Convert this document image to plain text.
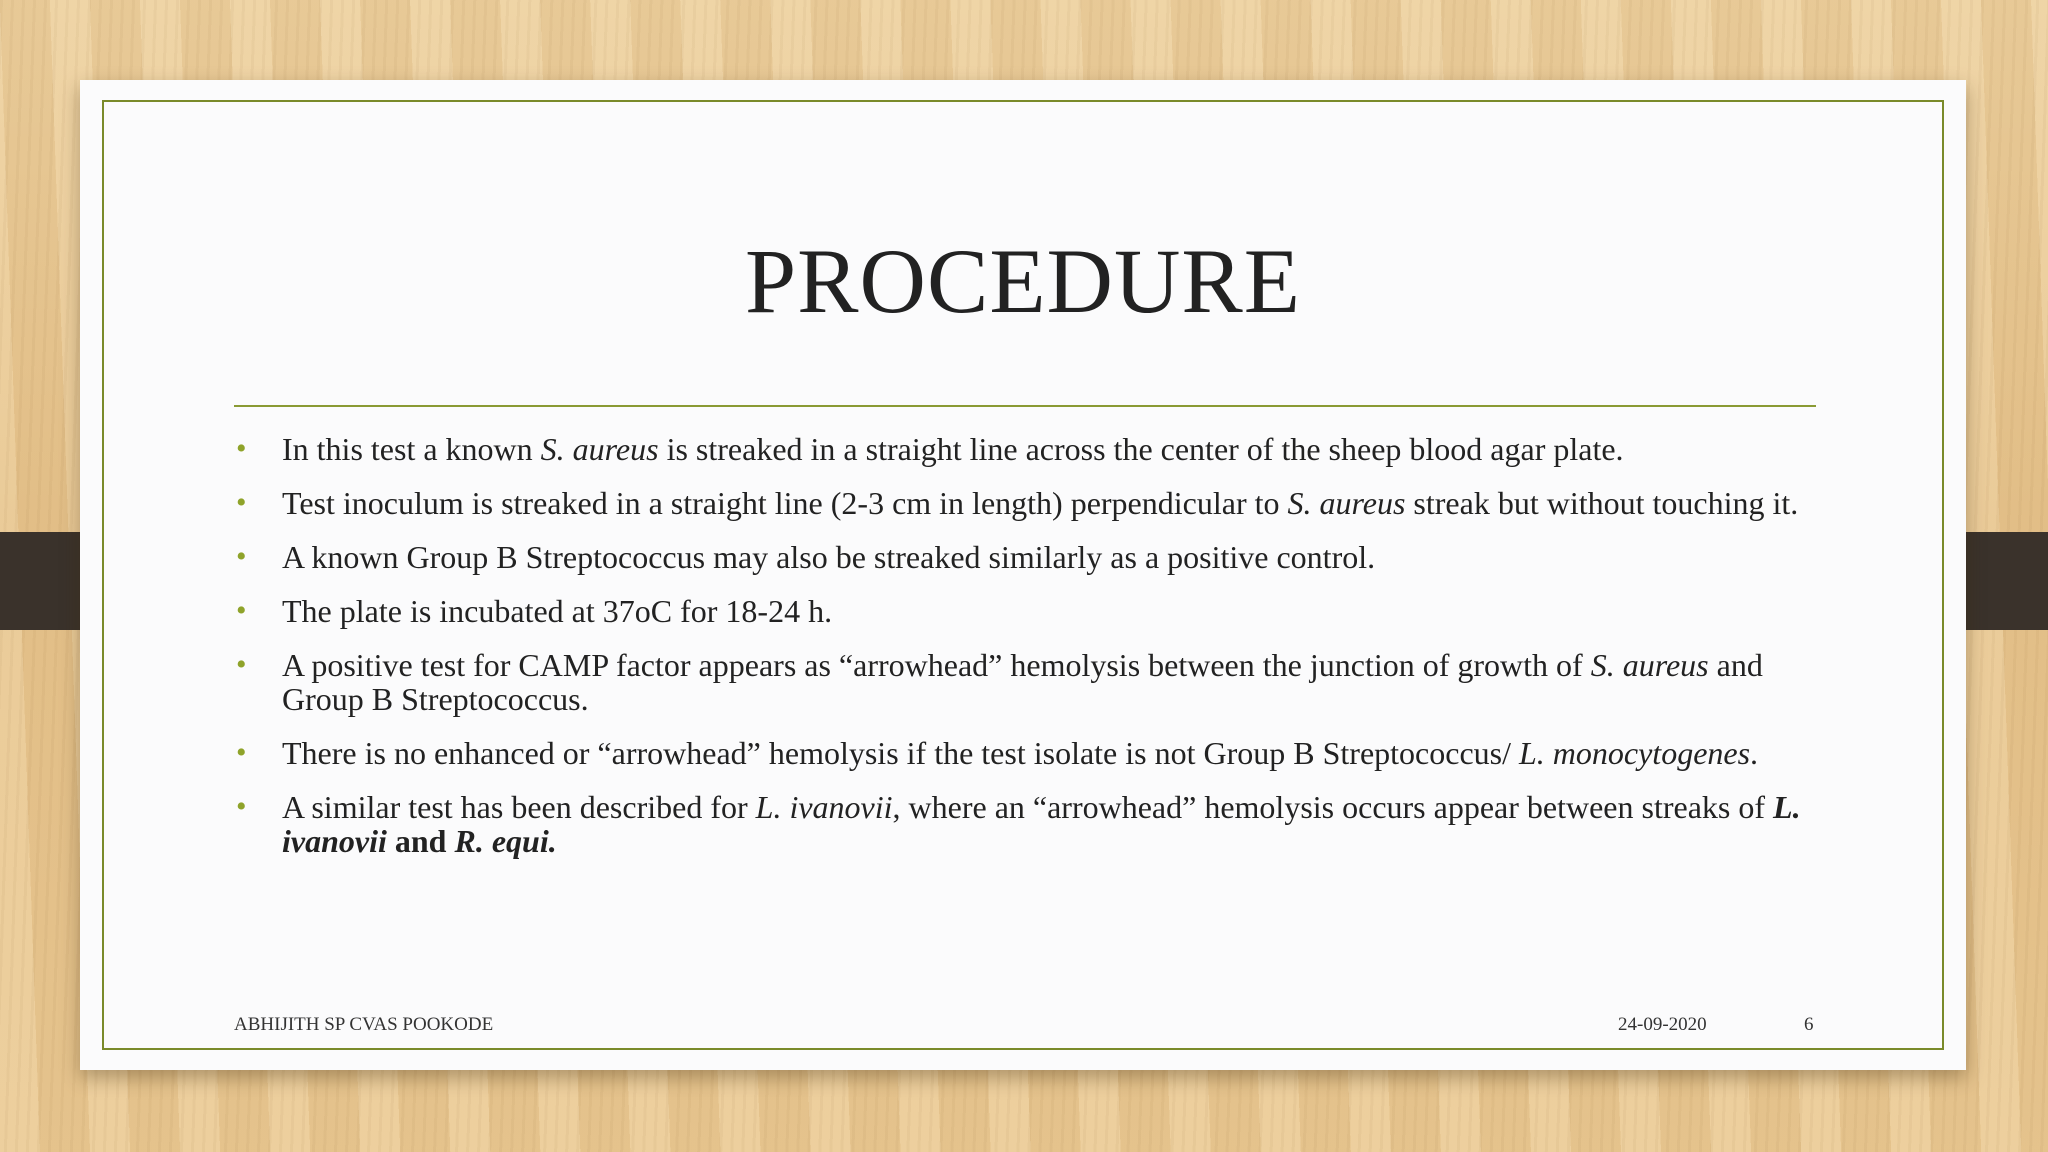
PROCEDURE
• In this test a known S. aureus is streaked in a straight line across the center of the sheep blood agar plate.
• Test inoculum is streaked in a straight line (2-3 cm in length) perpendicular to S. aureus streak but without touching it.
• A known Group B Streptococcus may also be streaked similarly as a positive control.
• The plate is incubated at 37oC for 18-24 h.
• A positive test for CAMP factor appears as “arrowhead” hemolysis between the junction of growth of S. aureus and Group B Streptococcus.
• There is no enhanced or “arrowhead” hemolysis if the test isolate is not Group B Streptococcus/ L. monocytogenes.
• A similar test has been described for L. ivanovii, where an “arrowhead” hemolysis occurs appear between streaks of L. ivanovii and R. equi.
ABHIJITH SP CVAS POOKODE	24-09-2020	6
